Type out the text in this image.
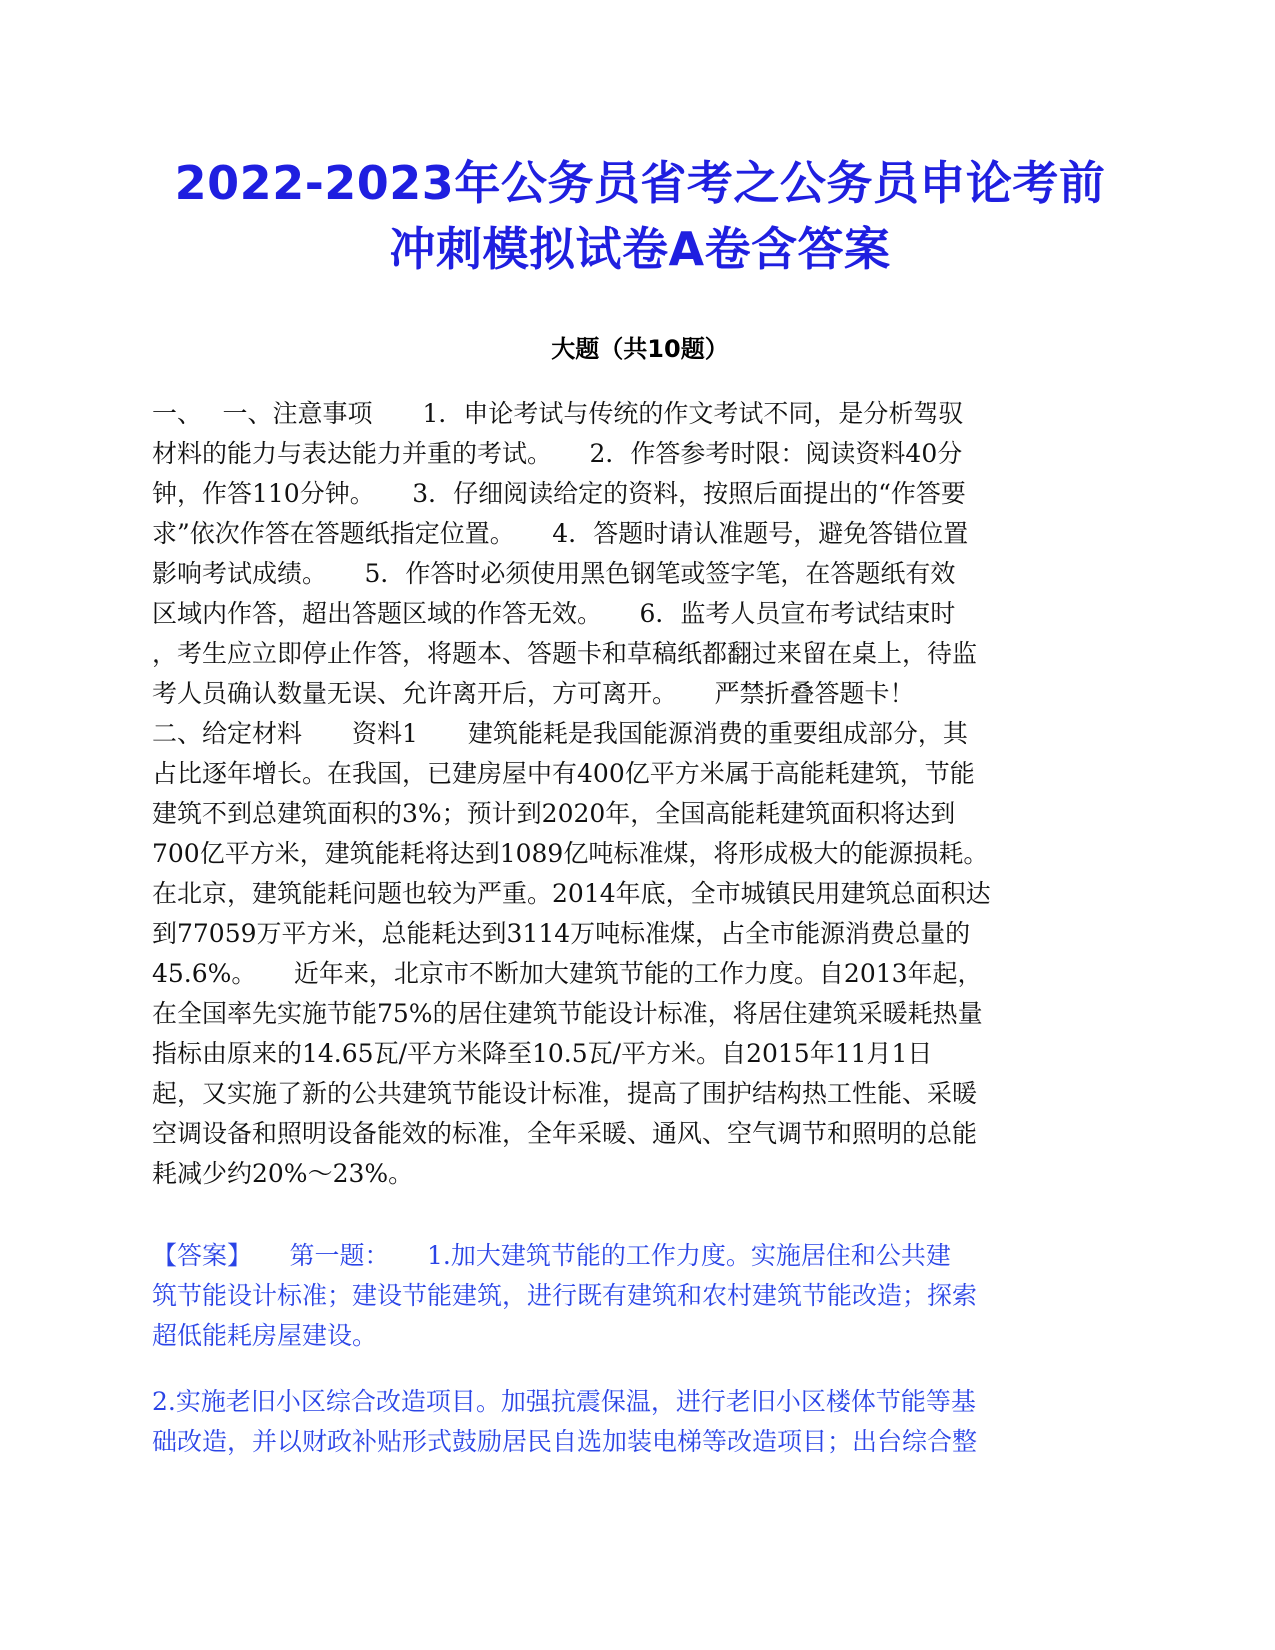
2022-2023年公务员省考之公务员申论考前
冲刺模拟试卷A卷含答案
大题（共10题）
一、　 一、注意事项　　1．申论考试与传统的作文考试不同，是分析驾驭
材料的能力与表达能力并重的考试。　　2．作答参考时限：阅读资料40分
钟，作答110分钟。　　3．仔细阅读给定的资料，按照后面提出的“作答要
求”依次作答在答题纸指定位置。　　4．答题时请认准题号，避免答错位置
影响考试成绩。　　5．作答时必须使用黑色钢笔或签字笔，在答题纸有效
区域内作答，超出答题区域的作答无效。　　6．监考人员宣布考试结束时
，考生应立即停止作答，将题本、答题卡和草稿纸都翻过来留在桌上，待监
考人员确认数量无误、允许离开后，方可离开。　　严禁折叠答题卡！
二、给定材料　　资料1　　建筑能耗是我国能源消费的重要组成部分，其
占比逐年增长。在我国，已建房屋中有400亿平方米属于高能耗建筑，节能
建筑不到总建筑面积的3%；预计到2020年，全国高能耗建筑面积将达到
700亿平方米，建筑能耗将达到1089亿吨标准煤，将形成极大的能源损耗。
在北京，建筑能耗问题也较为严重。2014年底，全市城镇民用建筑总面积达
到77059万平方米，总能耗达到3114万吨标准煤，占全市能源消费总量的
45.6%。　　近年来，北京市不断加大建筑节能的工作力度。自2013年起，
在全国率先实施节能75%的居住建筑节能设计标准，将居住建筑采暖耗热量
指标由原来的14.65瓦/平方米降至10.5瓦/平方米。自2015年11月1日
起，又实施了新的公共建筑节能设计标准，提高了围护结构热工性能、采暖
空调设备和照明设备能效的标准，全年采暖、通风、空气调节和照明的总能
耗减少约20%～23%。
【答案】　　第一题：　　1.加大建筑节能的工作力度。实施居住和公共建
筑节能设计标准；建设节能建筑，进行既有建筑和农村建筑节能改造；探索
超低能耗房屋建设。
2.实施老旧小区综合改造项目。加强抗震保温，进行老旧小区楼体节能等基
础改造，并以财政补贴形式鼓励居民自选加装电梯等改造项目；出台综合整
